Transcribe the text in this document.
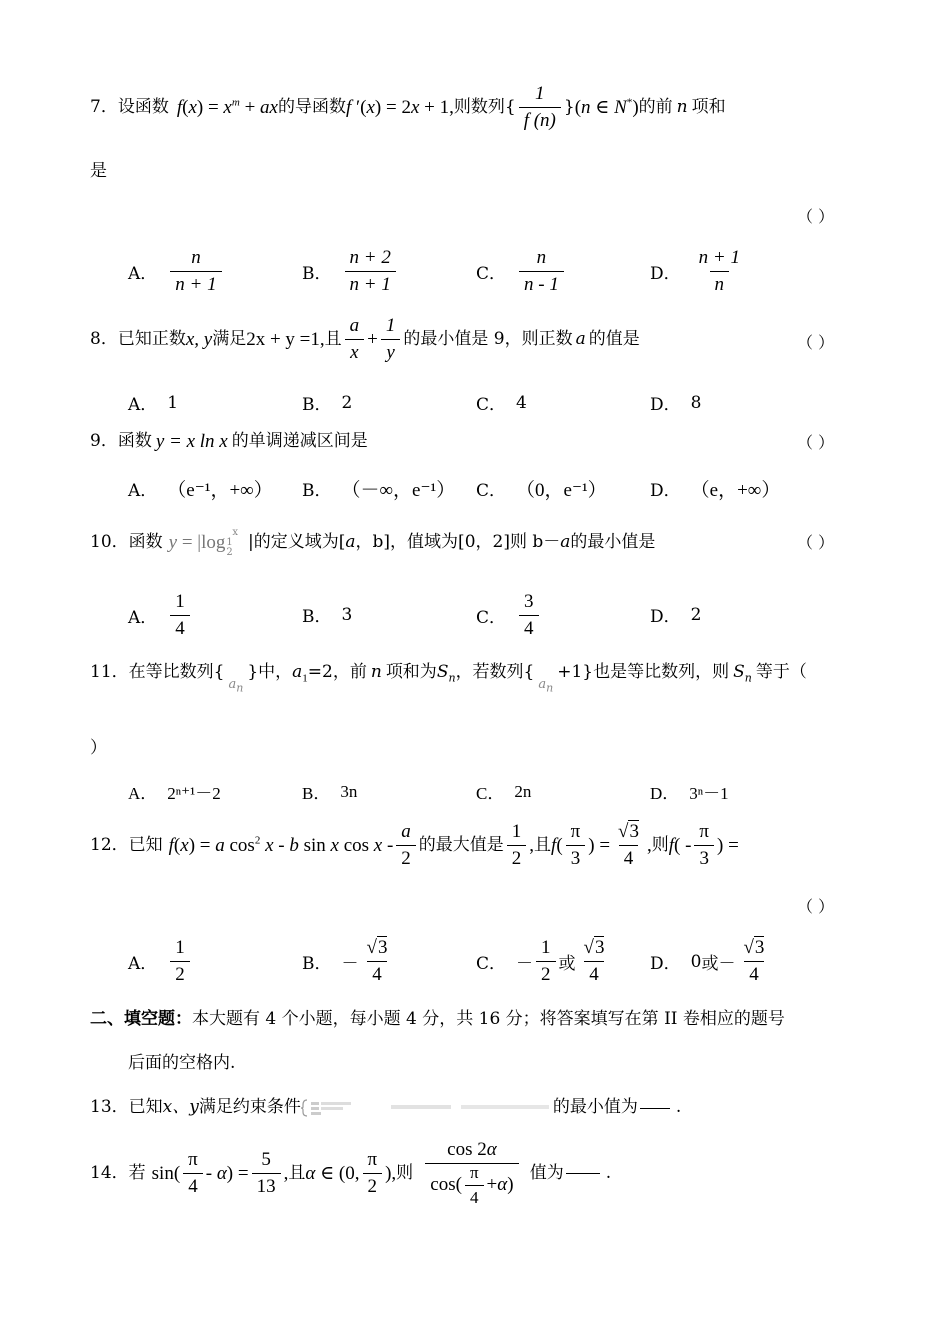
7． 设函数 $f(x) = x^m$ + ax 的导函数 f ′(x) = 2x + 1, 则数列{ $\frac{1}{f (n)}$ } (n ∈ N*) 的前 n 项和
是
（ ）
A． $\frac{n}{n + 1}$	B． $\frac{n + 2}{n + 1}$	C． $\frac{n}{n - 1}$	D． $\frac{n + 1}{n}$
8． 已知正数 x, y 满足 2x + y =1, 且 $\frac{a}{x} + \frac{1}{y}$ 的最小值是 9，则正数 a 的值是	（ ）
A． 1	B． 2	C． 4	D． 8
9． 函数 y = x ln x 的单调递减区间是	（ ）
A． （e⁻¹，+∞） B． （－∞，e⁻¹） C． （0，e⁻¹）	D． （e，+∞）
10． 函数 y = |log x
1
2
|的定义域为[ a ，b]，值域为[0，2]则 b－ a 的最小值是	（ ）
A． $\frac{1}{4}$	B． 3	C． $\frac{3}{4}$	D． 2
11． 在等比数列{
$a_n$
}中， $a_1 =2$，前 n 项和为 $S_n$ ，若数列{
$a_n$
+1}也是等比数列，则 $S_n$ 等于（
）
A． 2ⁿ⁺¹－2	B． 3n	C． 2n	D． 3ⁿ－1
12． 已知 f(x) = a $\cos^2 x$ - b sin x cos x - $\frac{a}{2}$ 的最大值是 $\frac{1}{2}$ , 且 f ( $\frac{\pi}{3}$ ) = $\frac{√3}{4}$ , 则 f ( - $\frac{\pi}{3}$ ) =
（ ）
A． $\frac{1}{2}$	B． － $\frac{√3}{4}$	C． － $\frac{1}{2}$ 或 $\frac{√3}{4}$ D． 0 或 － $\frac{√3}{4}$
二、填空题：本大题有 4 个小题，每小题 4 分，共 16 分；将答案填写在第 II 卷相应的题号
后面的空格内.
13． 已知 x、y 满足约束条件	的最小值为 .
14． 若 $\sin( \frac{\pi}{4} - \alpha) = \frac{5}{13}$ , 且 α ∈ (0, $\frac{\pi}{2}$ ), 则 $\frac{\cos 2\alpha}{\cos( \frac{\pi}{4} + \alpha )}$ 值为 .
